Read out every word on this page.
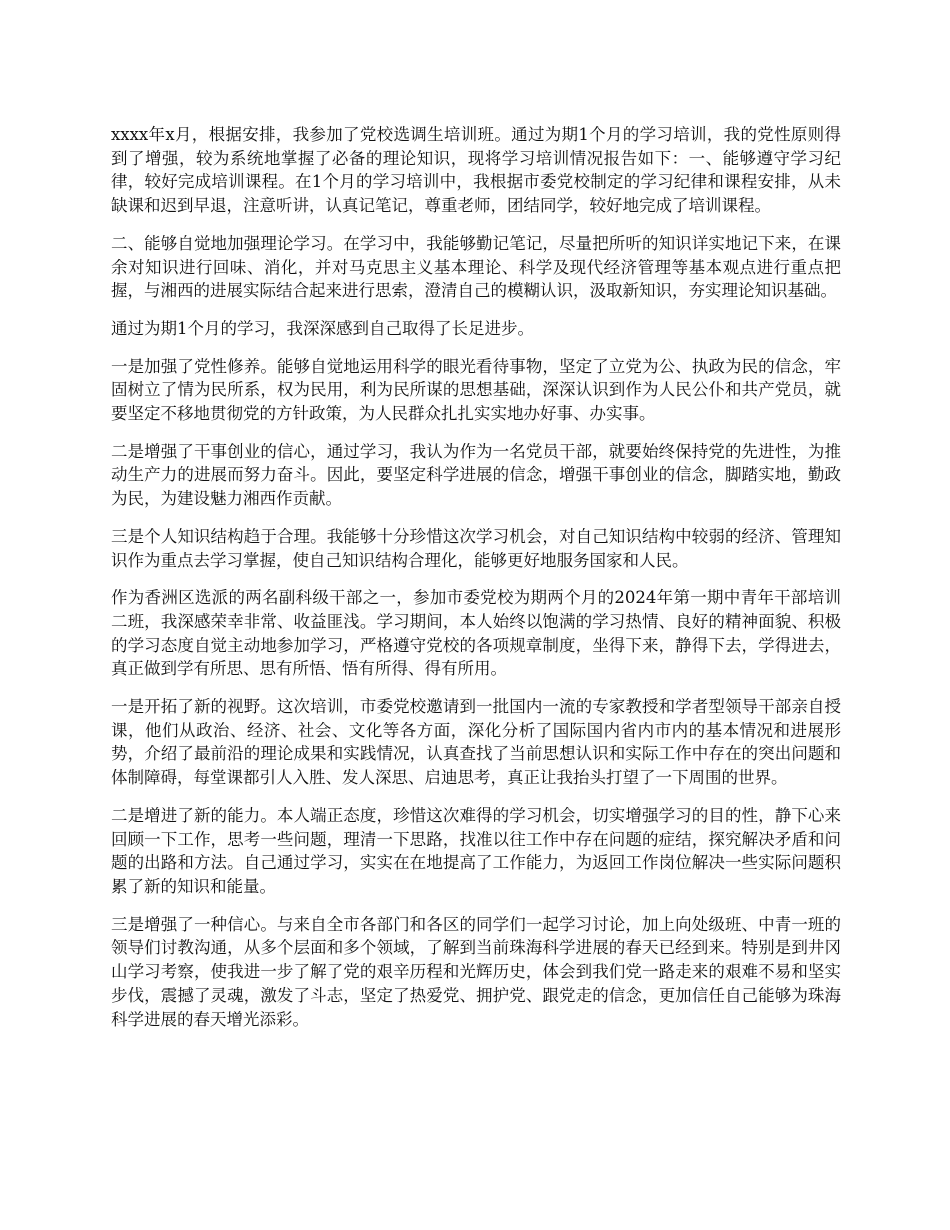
xxxx年x月，根据安排，我参加了党校选调生培训班。通过为期1个月的学习培训，我的党性原则得到了增强，较为系统地掌握了必备的理论知识，现将学习培训情况报告如下：一、能够遵守学习纪律，较好完成培训课程。在1个月的学习培训中，我根据市委党校制定的学习纪律和课程安排，从未缺课和迟到早退，注意听讲，认真记笔记，尊重老师，团结同学，较好地完成了培训课程。

二、能够自觉地加强理论学习。在学习中，我能够勤记笔记，尽量把所听的知识详实地记下来，在课余对知识进行回味、消化，并对马克思主义基本理论、科学及现代经济管理等基本观点进行重点把握，与湘西的进展实际结合起来进行思索，澄清自己的模糊认识，汲取新知识，夯实理论知识基础。

通过为期1个月的学习，我深深感到自己取得了长足进步。

一是加强了党性修养。能够自觉地运用科学的眼光看待事物，坚定了立党为公、执政为民的信念，牢固树立了情为民所系，权为民用，利为民所谋的思想基础，深深认识到作为人民公仆和共产党员，就要坚定不移地贯彻党的方针政策，为人民群众扎扎实实地办好事、办实事。

二是增强了干事创业的信心，通过学习，我认为作为一名党员干部，就要始终保持党的先进性，为推动生产力的进展而努力奋斗。因此，要坚定科学进展的信念，增强干事创业的信念，脚踏实地，勤政为民，为建设魅力湘西作贡献。

三是个人知识结构趋于合理。我能够十分珍惜这次学习机会，对自己知识结构中较弱的经济、管理知识作为重点去学习掌握，使自己知识结构合理化，能够更好地服务国家和人民。

作为香洲区选派的两名副科级干部之一，参加市委党校为期两个月的2024年第一期中青年干部培训二班，我深感荣幸非常、收益匪浅。学习期间，本人始终以饱满的学习热情、良好的精神面貌、积极的学习态度自觉主动地参加学习，严格遵守党校的各项规章制度，坐得下来，静得下去，学得进去，真正做到学有所思、思有所悟、悟有所得、得有所用。

一是开拓了新的视野。这次培训，市委党校邀请到一批国内一流的专家教授和学者型领导干部亲自授课，他们从政治、经济、社会、文化等各方面，深化分析了国际国内省内市内的基本情况和进展形势，介绍了最前沿的理论成果和实践情况，认真查找了当前思想认识和实际工作中存在的突出问题和体制障碍，每堂课都引人入胜、发人深思、启迪思考，真正让我抬头打望了一下周围的世界。

二是增进了新的能力。本人端正态度，珍惜这次难得的学习机会，切实增强学习的目的性，静下心来回顾一下工作，思考一些问题，理清一下思路，找准以往工作中存在问题的症结，探究解决矛盾和问题的出路和方法。自己通过学习，实实在在地提高了工作能力，为返回工作岗位解决一些实际问题积累了新的知识和能量。

三是增强了一种信心。与来自全市各部门和各区的同学们一起学习讨论，加上向处级班、中青一班的领导们讨教沟通，从多个层面和多个领域，了解到当前珠海科学进展的春天已经到来。特别是到井冈山学习考察，使我进一步了解了党的艰辛历程和光辉历史，体会到我们党一路走来的艰难不易和坚实步伐，震撼了灵魂，激发了斗志，坚定了热爱党、拥护党、跟党走的信念，更加信任自己能够为珠海科学进展的春天增光添彩。
